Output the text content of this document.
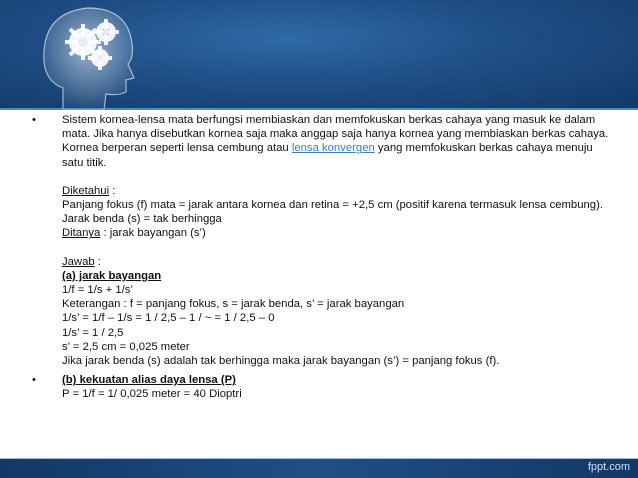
•	Sistem kornea-lensa mata berfungsi membiaskan dan memfokuskan berkas cahaya yang masuk ke dalam mata. Jika hanya disebutkan kornea saja maka anggap saja hanya kornea yang membiaskan berkas cahaya. Kornea berperan seperti lensa cembung atau lensa konvergen yang memfokuskan berkas cahaya menuju satu titik.
Diketahui :
Panjang fokus (f) mata = jarak antara kornea dan retina = +2,5 cm (positif karena termasuk lensa cembung).
Jarak benda (s) = tak berhingga
Ditanya : jarak bayangan (s’)
Jawab :
(a) jarak bayangan
1/f = 1/s + 1/s’
Keterangan : f = panjang fokus, s = jarak benda, s’ = jarak bayangan
1/s’ = 1/f – 1/s = 1 / 2,5 – 1 / ~ = 1 / 2,5 – 0
1/s’ = 1 / 2,5
s’ = 2,5 cm = 0,025 meter
Jika jarak benda (s) adalah tak berhingga maka jarak bayangan (s’) = panjang fokus (f).
•	(b) kekuatan alias daya lensa (P)
P = 1/f = 1/ 0,025 meter = 40 Dioptri
fppt.com
